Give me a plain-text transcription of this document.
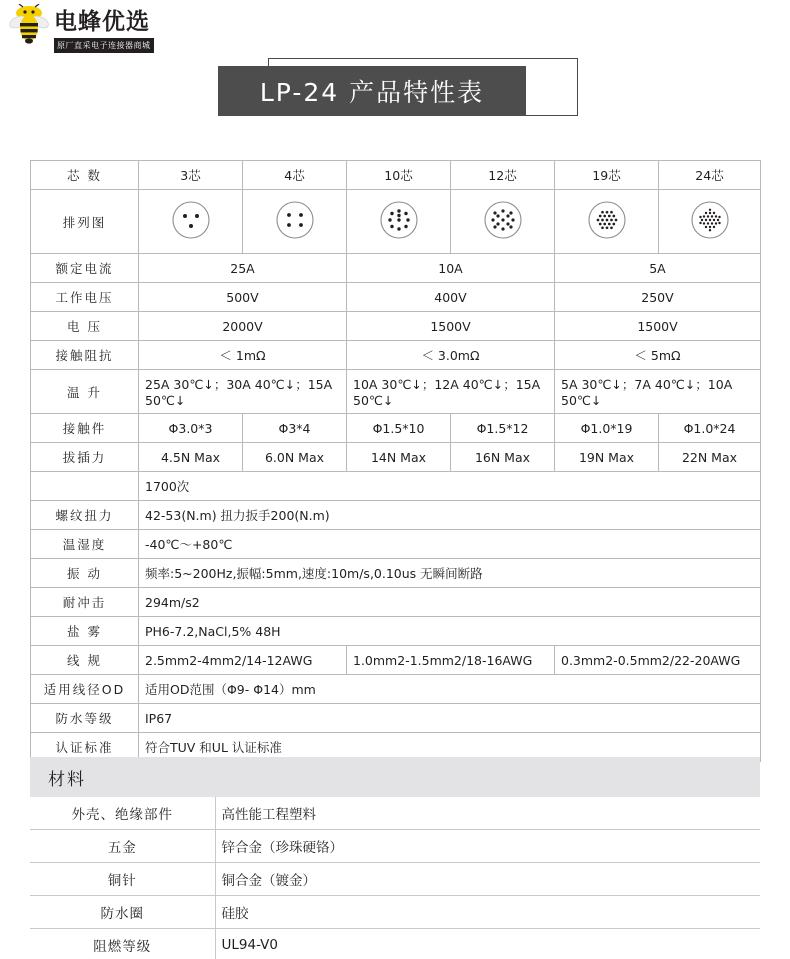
电蜂优选
原厂直采电子连接器商城
LP-24 产品特性表
芯 数	3芯	4芯	10芯	12芯	19芯	24芯
排列图	

额定电流	25A		10A		5A	
工作电压	500V		400V		250V	
电 压	2000V		1500V		1500V	
接触阻抗	＜ 1mΩ		＜ 3.0mΩ		＜ 5mΩ	
温 升	25A 30℃↓；30A 40℃↓；15A 50℃↓		10A 30℃↓；12A 40℃↓；15A 50℃↓		5A 30℃↓；7A 40℃↓；10A 50℃↓	
接触件	Φ3.0*3	Φ3*4	Φ1.5*10	Φ1.5*12	Φ1.0*19	Φ1.0*24
拔插力	4.5N Max	6.0N Max	14N Max	16N Max	19N Max	22N Max
	1700次					
螺纹扭力	42-53(N.m) 扭力扳手200(N.m)					
温湿度	-40℃～+80℃					
振 动	频率:5~200Hz,振幅:5mm,速度:10m/s,0.10us 无瞬间断路					
耐冲击	294m/s2					
盐 雾	PH6-7.2,NaCl,5% 48H					
线 规	2.5mm2-4mm2/14-12AWG		1.0mm2-1.5mm2/18-16AWG		0.3mm2-0.5mm2/22-20AWG	
适用线径OD	适用OD范围（Φ9- Φ14）mm					
防水等级	IP67					
认证标准	符合TUV 和UL 认证标准					
材料
外壳、绝缘部件	高性能工程塑料
五金	锌合金（珍珠硬铬）
铜针	铜合金（镀金）
防水圈	硅胶
阻燃等级	UL94-V0
